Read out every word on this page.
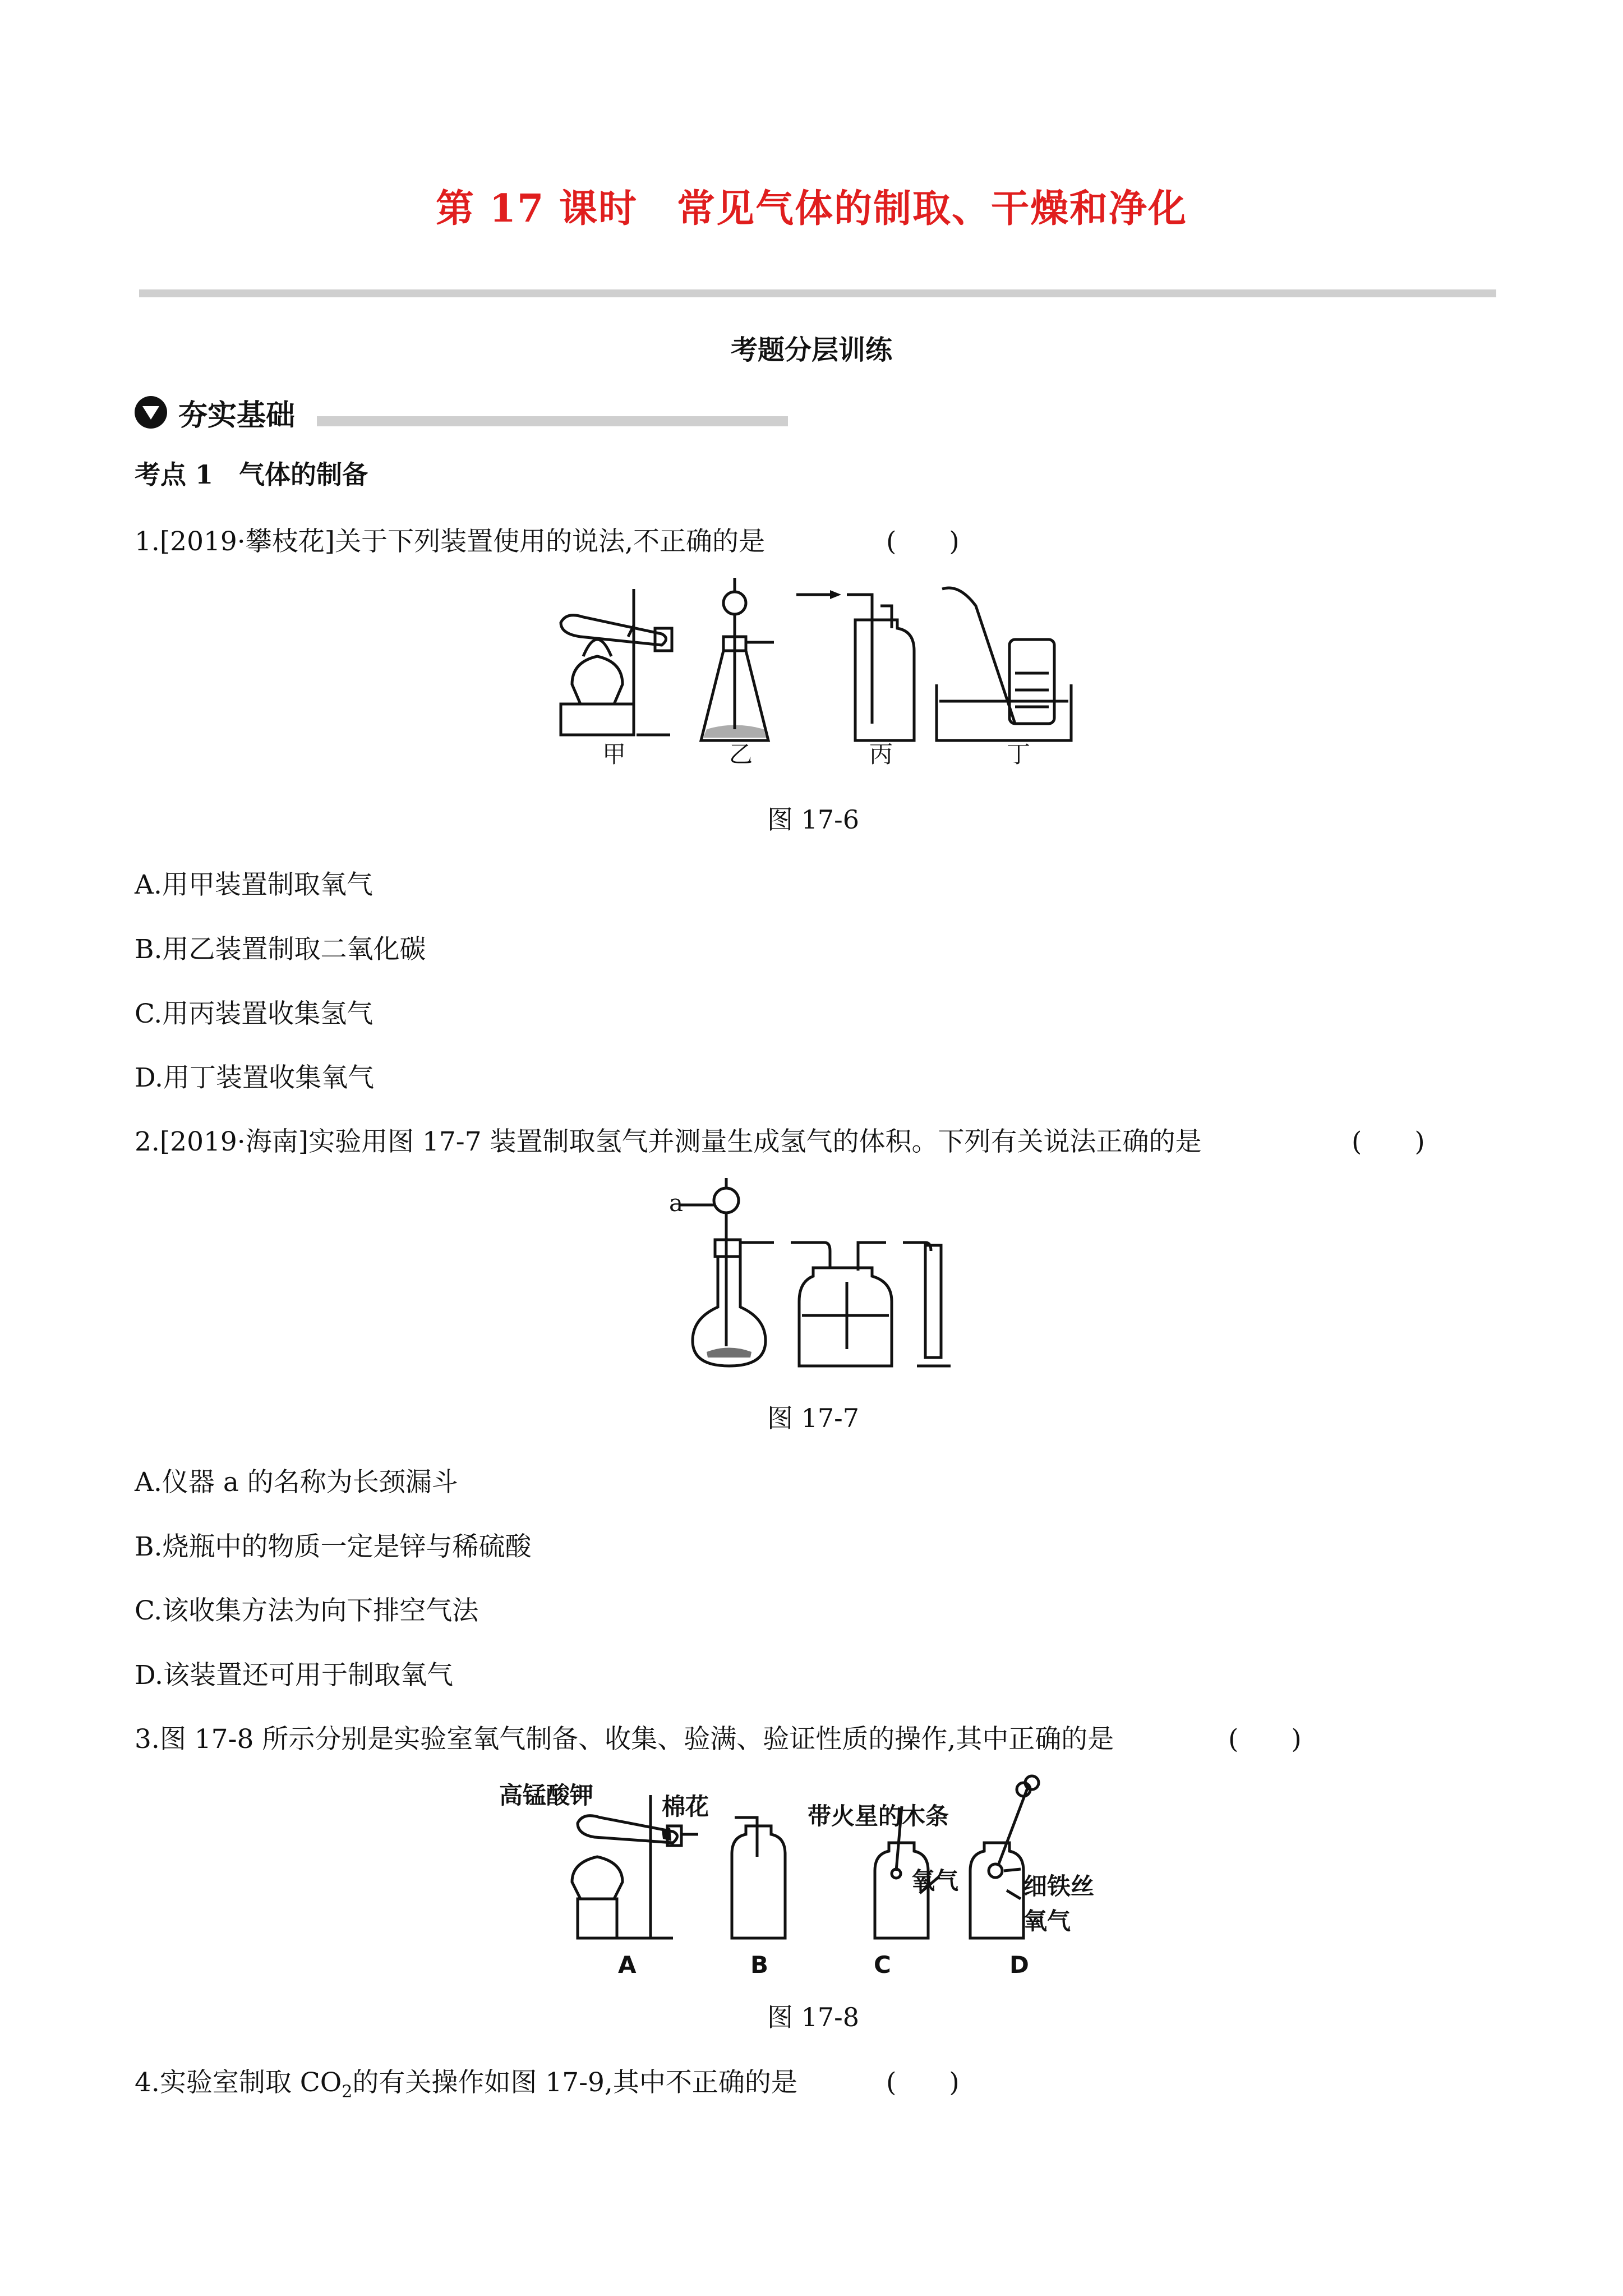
第 17 课时　常见气体的制取、干燥和净化
考题分层训练
夯实基础
考点 1　气体的制备
1.[2019·攀枝花]关于下列装置使用的说法,不正确的是	(　　)
甲	乙	丙	丁
图 17-6
A.用甲装置制取氧气
B.用乙装置制取二氧化碳
C.用丙装置收集氢气
D.用丁装置收集氧气
2.[2019·海南]实验用图 17-7 装置制取氢气并测量生成氢气的体积。下列有关说法正确的是	(　　)
a
图 17-7
A.仪器 a 的名称为长颈漏斗
B.烧瓶中的物质一定是锌与稀硫酸
C.该收集方法为向下排空气法
D.该装置还可用于制取氧气
3.图 17-8 所示分别是实验室氧气制备、收集、验满、验证性质的操作,其中正确的是	(　　)
高锰酸钾	棉花	带火星的木条
氧气	细铁丝
氧气
A	B	C	D
图 17-8
4.实验室制取 $CO_2$的有关操作如图 17-9,其中不正确的是	(　　)
